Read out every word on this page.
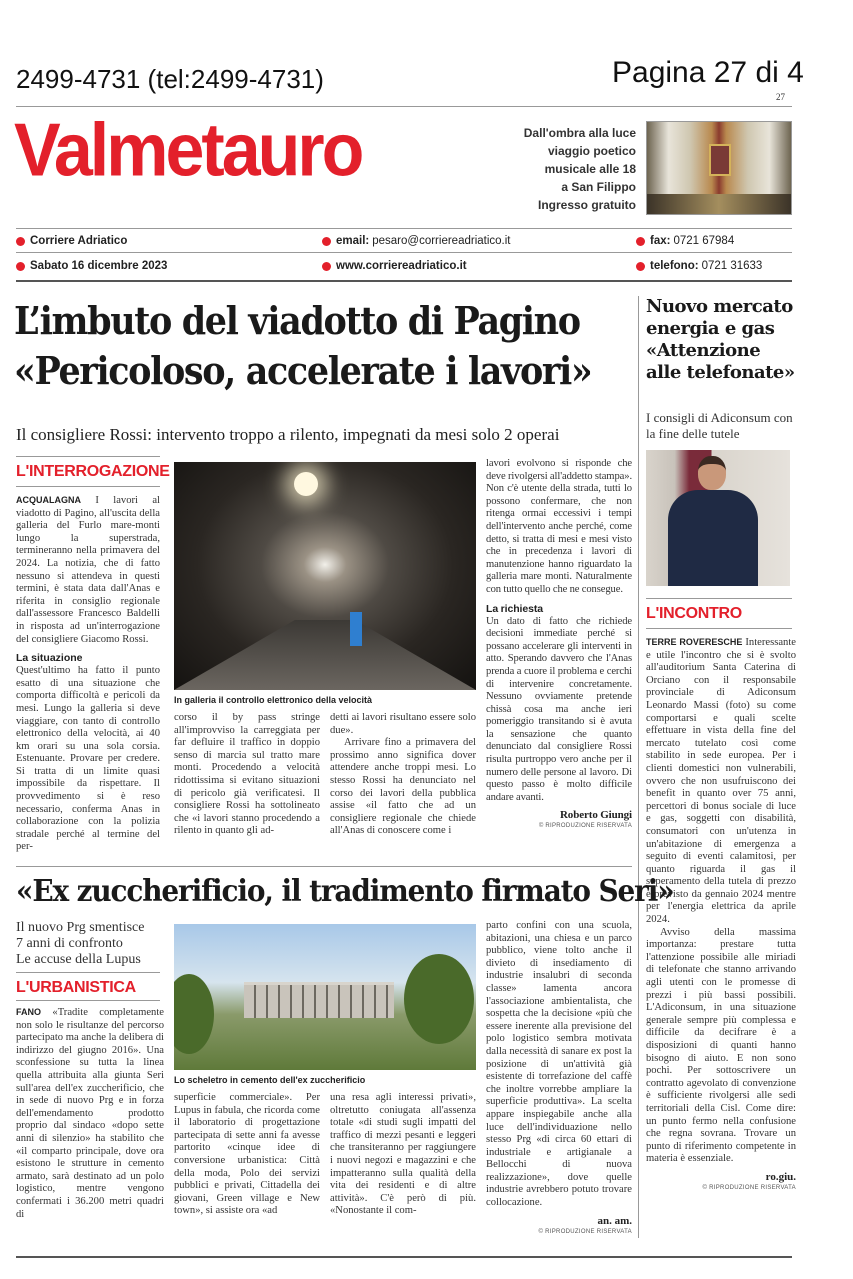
Pagina 27 di 4
27
2499-4731 (tel:2499-4731)
Valmetauro	Dall'ombra alla luce
viaggio poetico
musicale alle 18
a San Filippo
Ingresso gratuito
Corriere Adriatico	email: pesaro@corriereadriatico.it	fax: 0721 67984
Sabato 16 dicembre 2023	www.corriereadriatico.it	telefono: 0721 31633
L’imbuto del viadotto di Pagino
«Pericoloso, accelerate i lavori»
Il consigliere Rossi: intervento troppo a rilento, impegnati da mesi solo 2 operai
L'INTERROGAZIONE

ACQUALAGNA I lavori al viadotto di Pagino, all'uscita della galleria del Furlo mare-monti lungo la superstrada, termineranno nella primavera del 2024. La notizia, che di fatto nessuno si attendeva in questi termini, è stata data dall'Anas e riferita in consiglio regionale dall'assessore Francesco Baldelli in risposta ad un'interrogazione del consigliere Giacomo Rossi.

La situazione

Quest'ultimo ha fatto il punto esatto di una situazione che comporta difficoltà e pericoli da mesi. Lungo la galleria si deve viaggiare, con tanto di controllo elettronico della velocità, ai 40 km orari su una sola corsia. Estenuante. Provare per credere. Si tratta di un limite quasi impossibile da rispettare. Il provvedimento si è reso necessario, conferma Anas in collaborazione con la polizia stradale perché al termine del per-

In galleria il controllo elettronico della velocità

corso il by pass stringe all'improvviso la carreggiata per far defluire il traffico in doppio senso di marcia sul tratto mare monti. Procedendo a velocità ridottissima si evitano situazioni di pericolo già verificatesi. Il consigliere Rossi ha sottolineato che «i lavori stanno procedendo a rilento in quanto gli ad-

detti ai lavori risultano essere solo due».

Arrivare fino a primavera del prossimo anno significa dover attendere anche troppi mesi. Lo stesso Rossi ha denunciato nel corso dei lavori della pubblica assise «il fatto che ad un consigliere regionale che chiede all'Anas di conoscere come i

lavori evolvono si risponde che deve rivolgersi all'addetto stampa». Non c'è utente della strada, tutti lo possono confermare, che non ritenga ormai eccessivi i tempi dell'intervento anche perché, come detto, si tratta di mesi e mesi visto che in precedenza i lavori di manutenzione hanno riguardato la galleria mare monti. Naturalmente con tutto quello che ne consegue.

La richiesta

Un dato di fatto che richiede decisioni immediate perché si possano accelerare gli interventi in atto. Sperando davvero che l'Anas prenda a cuore il problema e cerchi di intervenire concretamente. Nessuno ovviamente pretende chissà cosa ma anche ieri pomeriggio transitando si è avuta la sensazione che quanto denunciato dal consigliere Rossi risulta purtroppo vero anche per il numero delle persone al lavoro. Di questo passo è molto difficile andare avanti.

Roberto Giungi
© RIPRODUZIONE RISERVATA
Nuovo mercato energia e gas «Attenzione alle telefonate»
I consigli di Adiconsum con la fine delle tutele
L'INCONTRO

TERRE ROVERESCHE Interessante e utile l'incontro che si è svolto all'auditorium Santa Caterina di Orciano con il responsabile provinciale di Adiconsum Leonardo Massi (foto) su come comportarsi e quali scelte effettuare in vista della fine del mercato tutelato così come stabilito in sede europea. Per i clienti domestici non vulnerabili, ovvero che non usufruiscono dei benefit in quanto over 75 anni, percettori di bonus sociale di luce e gas, soggetti con disabilità, consumatori con un'utenza in un'abitazione di emergenza a seguito di eventi calamitosi, per quanto riguarda il gas il superamento della tutela di prezzo è previsto da gennaio 2024 mentre per l'energia elettrica da aprile 2024.

Avviso della massima importanza: prestare tutta l'attenzione possibile alle miriadi di telefonate che stanno arrivando agli utenti con le promesse di prezzi i più bassi possibili. L'Adiconsum, in una situazione generale sempre più complessa e difficile da decifrare è a disposizioni di quanti hanno bisogno di aiuto. E non sono pochi. Per sottoscrivere un contratto agevolato di convenzione è sufficiente rivolgersi alle sedi territoriali della Cisl. Come dire: un punto fermo nella confusione che regna sovrana. Trovare un punto di riferimento competente in materia è essenziale.

ro.giu.
© RIPRODUZIONE RISERVATA
«Ex zuccherificio, il tradimento firmato Seri»
Il nuovo Prg smentisce
7 anni di confronto
Le accuse della Lupus
L'URBANISTICA

FANO «Tradite completamente non solo le risultanze del percorso partecipato ma anche la delibera di indirizzo del giugno 2016». Una sconfessione su tutta la linea quella attribuita alla giunta Seri sull'area dell'ex zuccherificio, che in sede di nuovo Prg e in forza dell'emendamento prodotto proprio dal sindaco «dopo sette anni di silenzio» ha stabilito che «il comparto principale, dove ora esistono le strutture in cemento armato, sarà destinato ad un polo logistico, mentre vengono confermati i 36.200 metri quadri di

Lo scheletro in cemento dell'ex zuccherificio

superficie commerciale». Per Lupus in fabula, che ricorda come il laboratorio di progettazione partecipata di sette anni fa avesse partorito «cinque idee di conversione urbanistica: Città della moda, Polo dei servizi pubblici e privati, Cittadella dei giovani, Green village e New town», si assiste ora «ad

una resa agli interessi privati», oltretutto coniugata all'assenza totale «di studi sugli impatti del traffico di mezzi pesanti e leggeri che transiteranno per raggiungere i nuovi negozi e magazzini e che impatteranno sulla qualità della vita dei residenti e di altre attività». C'è però di più. «Nonostante il com-

parto confini con una scuola, abitazioni, una chiesa e un parco pubblico, viene tolto anche il divieto di insediamento di industrie insalubri di seconda classe» lamenta ancora l'associazione ambientalista, che sospetta che la decisione «più che essere inerente alla previsione del polo logistico sembra motivata dalla necessità di sanare ex post la posizione di un'attività già esistente di torrefazione del caffè che inoltre vorrebbe ampliare la superficie produttiva». La scelta appare inspiegabile anche alla luce dell'individuazione nello stesso Prg «di circa 60 ettari di industriale e artigianale a Bellocchi di nuova realizzazione», dove quelle industrie avrebbero potuto trovare collocazione.

an. am.
© RIPRODUZIONE RISERVATA
